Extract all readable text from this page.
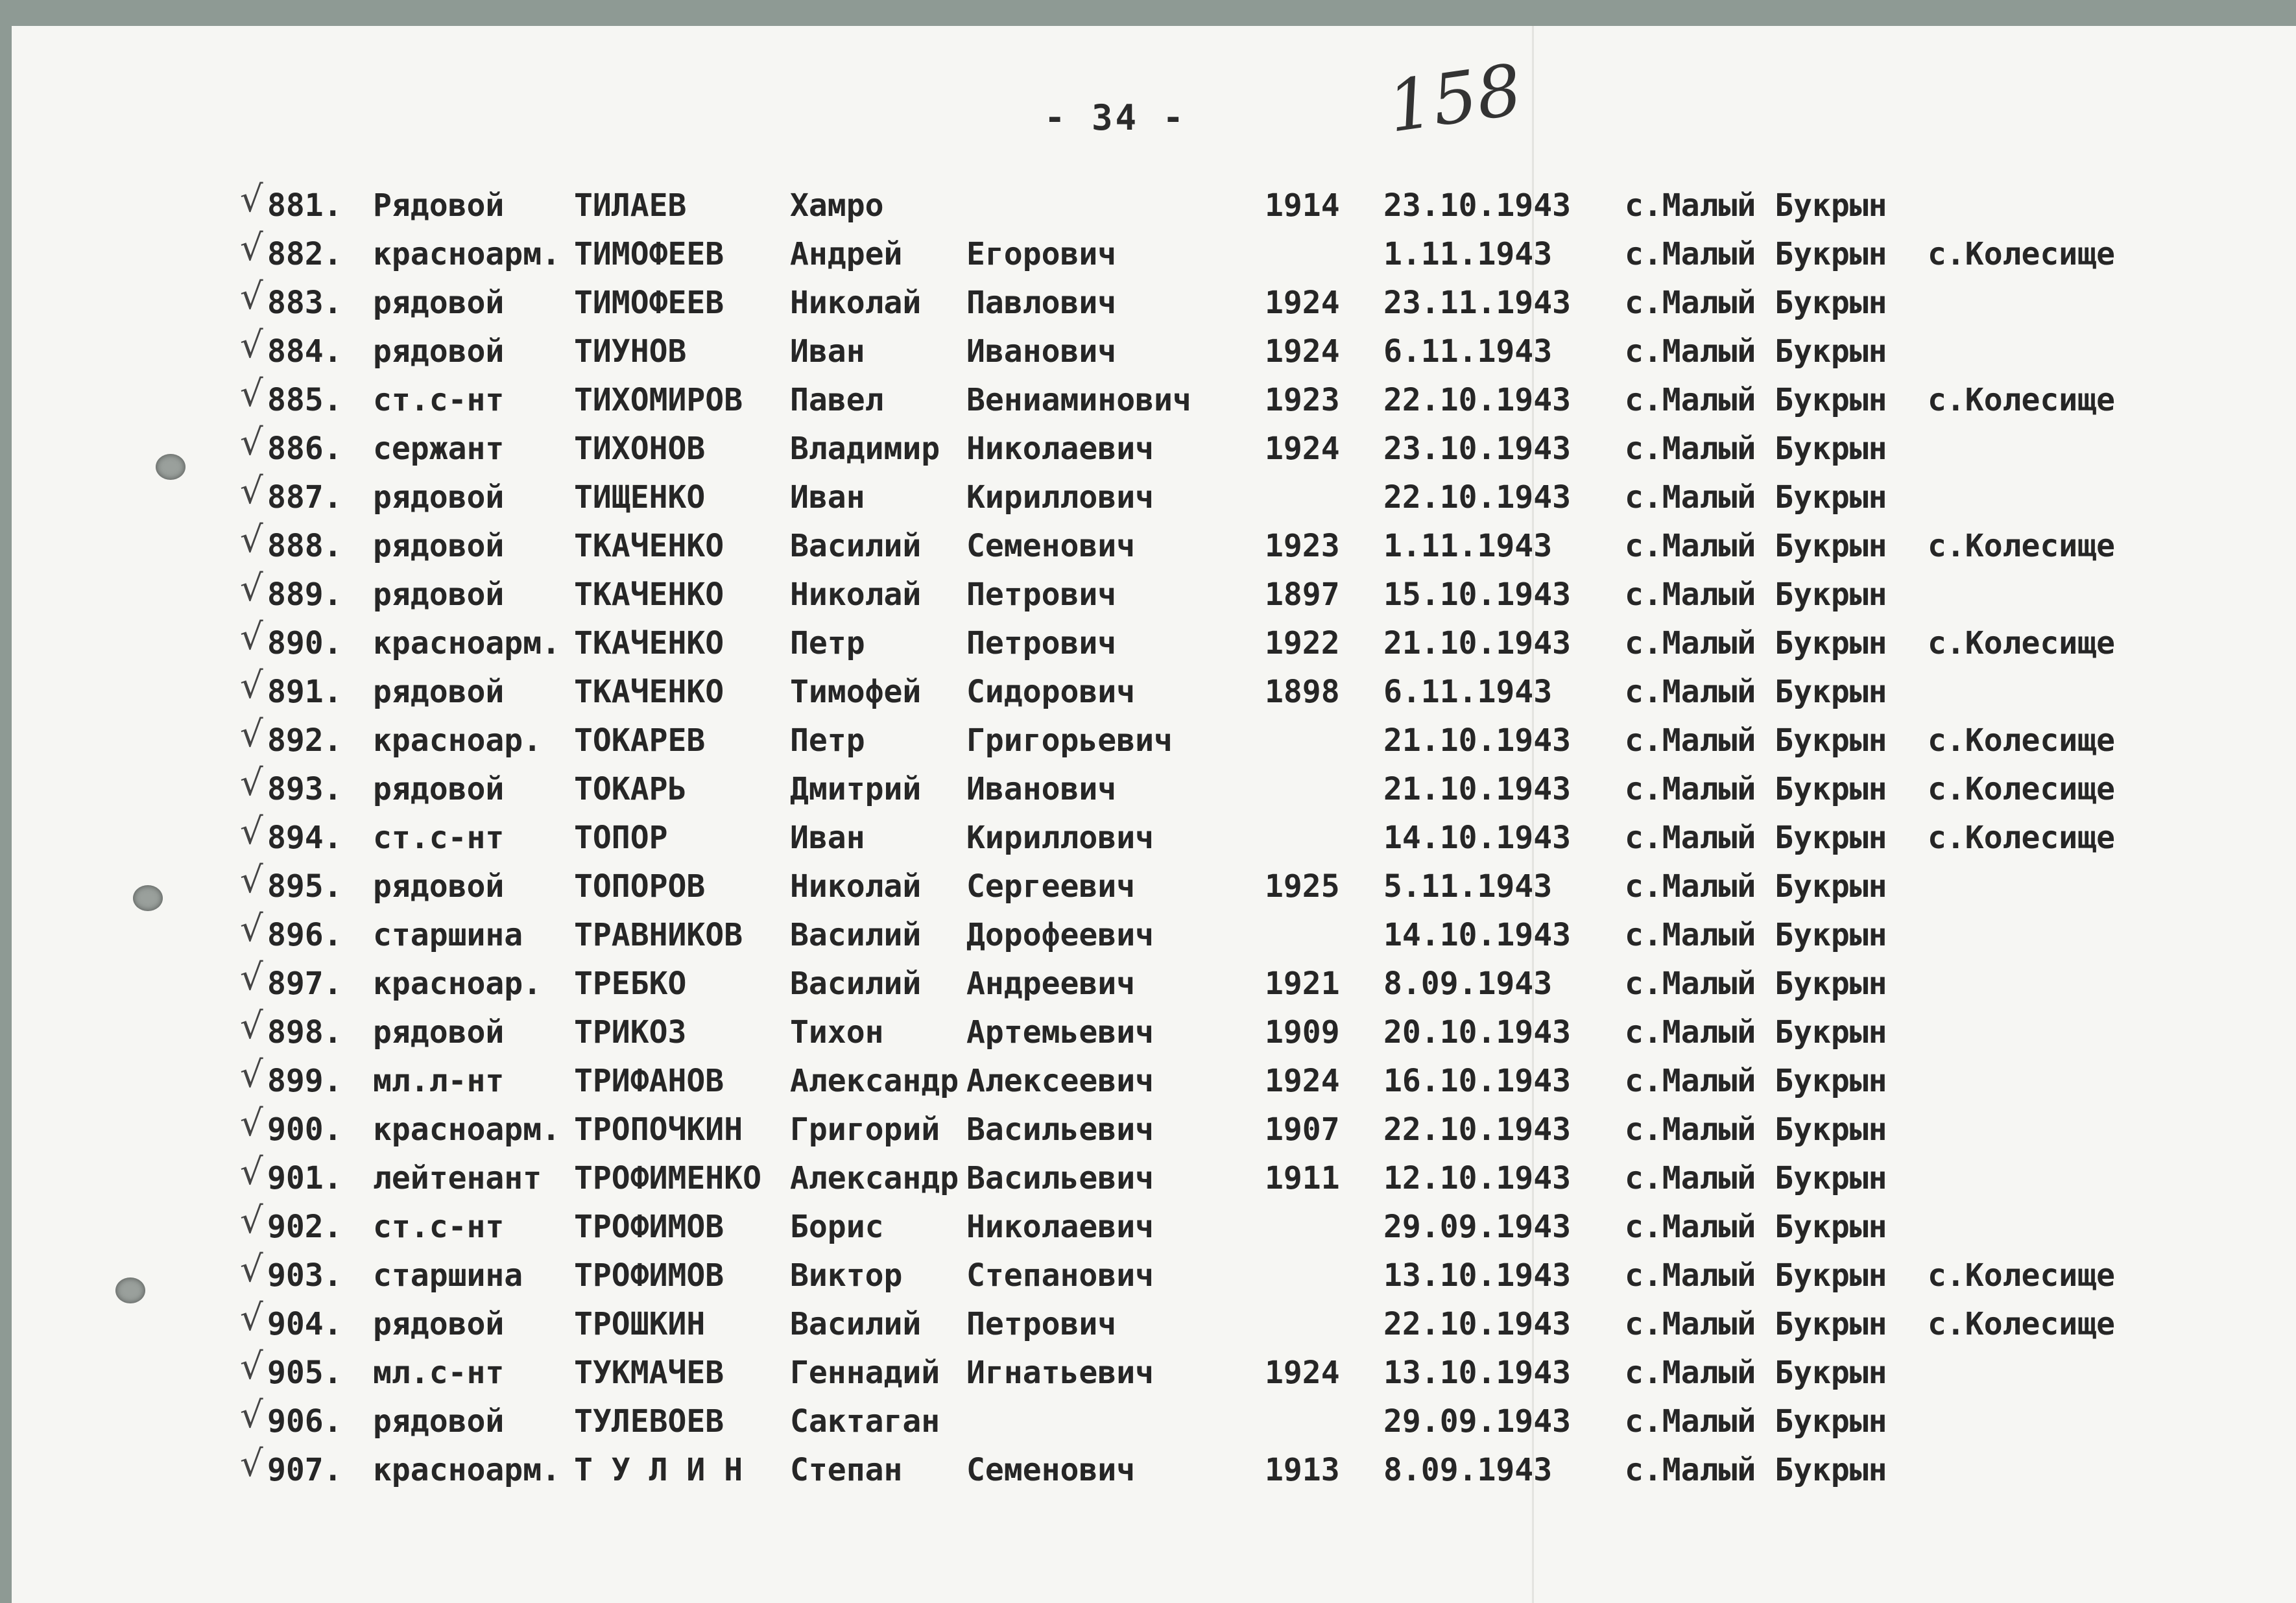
- 34 -	158
√ 881. Рядовой ТИЛАЕВ	Хамро	1914 23.10.1943 с.Малый Букрын
√ 882. красноарм. ТИМОФЕЕВ Андрей Егорович	1.11.1943 с.Малый Букрын с.Колесище
√ 883. рядовой ТИМОФЕЕВ Николай Павлович	1924 23.11.1943 с.Малый Букрын
√ 884. рядовой ТИУНОВ	Иван	Иванович	1924 6.11.1943 с.Малый Букрын
√ 885. ст.с-нт ТИХОМИРОВ Павел	Вениаминович 1923 22.10.1943 с.Малый Букрын с.Колесище
√ 886. сержант ТИХОНОВ	Владимир Николаевич	1924 23.10.1943 с.Малый Букрын
√ 887. рядовой ТИЩЕНКО	Иван	Кириллович	22.10.1943 с.Малый Букрын
√ 888. рядовой ТКАЧЕНКО Василий Семенович	1923 1.11.1943 с.Малый Букрын с.Колесище
√ 889. рядовой ТКАЧЕНКО Николай Петрович	1897 15.10.1943 с.Малый Букрын
√ 890. красноарм. ТКАЧЕНКО Петр	Петрович	1922 21.10.1943 с.Малый Букрын с.Колесище
√ 891. рядовой ТКАЧЕНКО Тимофей Сидорович	1898 6.11.1943 с.Малый Букрын
√ 892. красноар. ТОКАРЕВ	Петр	Григорьевич	21.10.1943 с.Малый Букрын с.Колесище
√ 893. рядовой ТОКАРЬ	Дмитрий Иванович	21.10.1943 с.Малый Букрын с.Колесище
√ 894. ст.с-нт ТОПОР	Иван	Кириллович	14.10.1943 с.Малый Букрын с.Колесище
√ 895. рядовой ТОПОРОВ	Николай Сергеевич	1925 5.11.1943 с.Малый Букрын
√ 896. старшина ТРАВНИКОВ Василий Дорофеевич	14.10.1943 с.Малый Букрын
√ 897. красноар. ТРЕБКО	Василий Андреевич	1921 8.09.1943 с.Малый Букрын
√ 898. рядовой ТРИКОЗ	Тихон	Артемьевич	1909 20.10.1943 с.Малый Букрын
√ 899. мл.л-нт ТРИФАНОВ Александр Алексеевич	1924 16.10.1943 с.Малый Букрын
√ 900. красноарм. ТРОПОЧКИН Григорий Васильевич	1907 22.10.1943 с.Малый Букрын
√ 901. лейтенант ТРОФИМЕНКО Александр Васильевич	1911 12.10.1943 с.Малый Букрын
√ 902. ст.с-нт ТРОФИМОВ Борис	Николаевич	29.09.1943 с.Малый Букрын
√ 903. старшина ТРОФИМОВ Виктор Степанович	13.10.1943 с.Малый Букрын с.Колесище
√ 904. рядовой ТРОШКИН	Василий Петрович	22.10.1943 с.Малый Букрын с.Колесище
√ 905. мл.с-нт ТУКМАЧЕВ Геннадий Игнатьевич	1924 13.10.1943 с.Малый Букрын
√ 906. рядовой ТУЛЕВОЕВ Сактаган	29.09.1943 с.Малый Букрын
√ 907. красноарм. Т У Л И Н Степан Семенович	1913 8.09.1943 с.Малый Букрын
